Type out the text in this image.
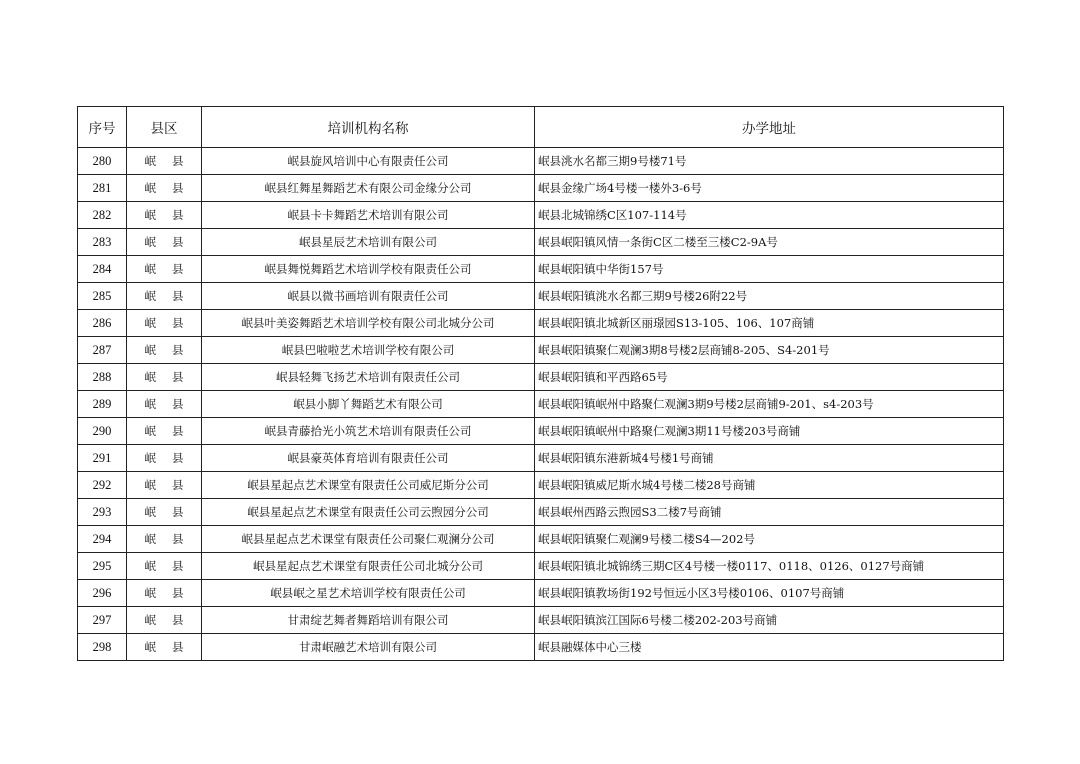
序号	县区	培训机构名称	办学地址
280	岷县	岷县旋风培训中心有限责任公司	岷县洮水名都三期9号楼71号
281	岷县	岷县红舞星舞蹈艺术有限公司金缘分公司	岷县金缘广场4号楼一楼外3-6号
282	岷县	岷县卡卡舞蹈艺术培训有限公司	岷县北城锦绣C区107-114号
283	岷县	岷县星辰艺术培训有限公司	岷县岷阳镇风情一条街C区二楼至三楼C2-9A号
284	岷县	岷县舞悦舞蹈艺术培训学校有限责任公司	岷县岷阳镇中华街157号
285	岷县	岷县以微书画培训有限责任公司	岷县岷阳镇洮水名都三期9号楼26附22号
286	岷县	岷县叶美姿舞蹈艺术培训学校有限公司北城分公司	岷县岷阳镇北城新区丽璟园S13-105、106、107商铺
287	岷县	岷县巴啦啦艺术培训学校有限公司	岷县岷阳镇聚仁观澜3期8号楼2层商铺8-205、S4-201号
288	岷县	岷县轻舞飞扬艺术培训有限责任公司	岷县岷阳镇和平西路65号
289	岷县	岷县小脚丫舞蹈艺术有限公司	岷县岷阳镇岷州中路聚仁观澜3期9号楼2层商铺9-201、s4-203号
290	岷县	岷县青藤拾光小筑艺术培训有限责任公司	岷县岷阳镇岷州中路聚仁观澜3期11号楼203号商铺
291	岷县	岷县豪英体育培训有限责任公司	岷县岷阳镇东港新城4号楼1号商铺
292	岷县	岷县星起点艺术课堂有限责任公司威尼斯分公司	岷县岷阳镇威尼斯水城4号楼二楼28号商铺
293	岷县	岷县星起点艺术课堂有限责任公司云煦园分公司	岷县岷州西路云煦园S3二楼7号商铺
294	岷县	岷县星起点艺术课堂有限责任公司聚仁观澜分公司	岷县岷阳镇聚仁观澜9号楼二楼S4—202号
295	岷县	岷县星起点艺术课堂有限责任公司北城分公司	岷县岷阳镇北城锦绣三期C区4号楼一楼0117、0118、0126、0127号商铺
296	岷县	岷县岷之星艺术培训学校有限责任公司	岷县岷阳镇教场街192号恒远小区3号楼0106、0107号商铺
297	岷县	甘肃绽艺舞者舞蹈培训有限公司	岷县岷阳镇滨江国际6号楼二楼202-203号商铺
298	岷县	甘肃岷融艺术培训有限公司	岷县融媒体中心三楼
